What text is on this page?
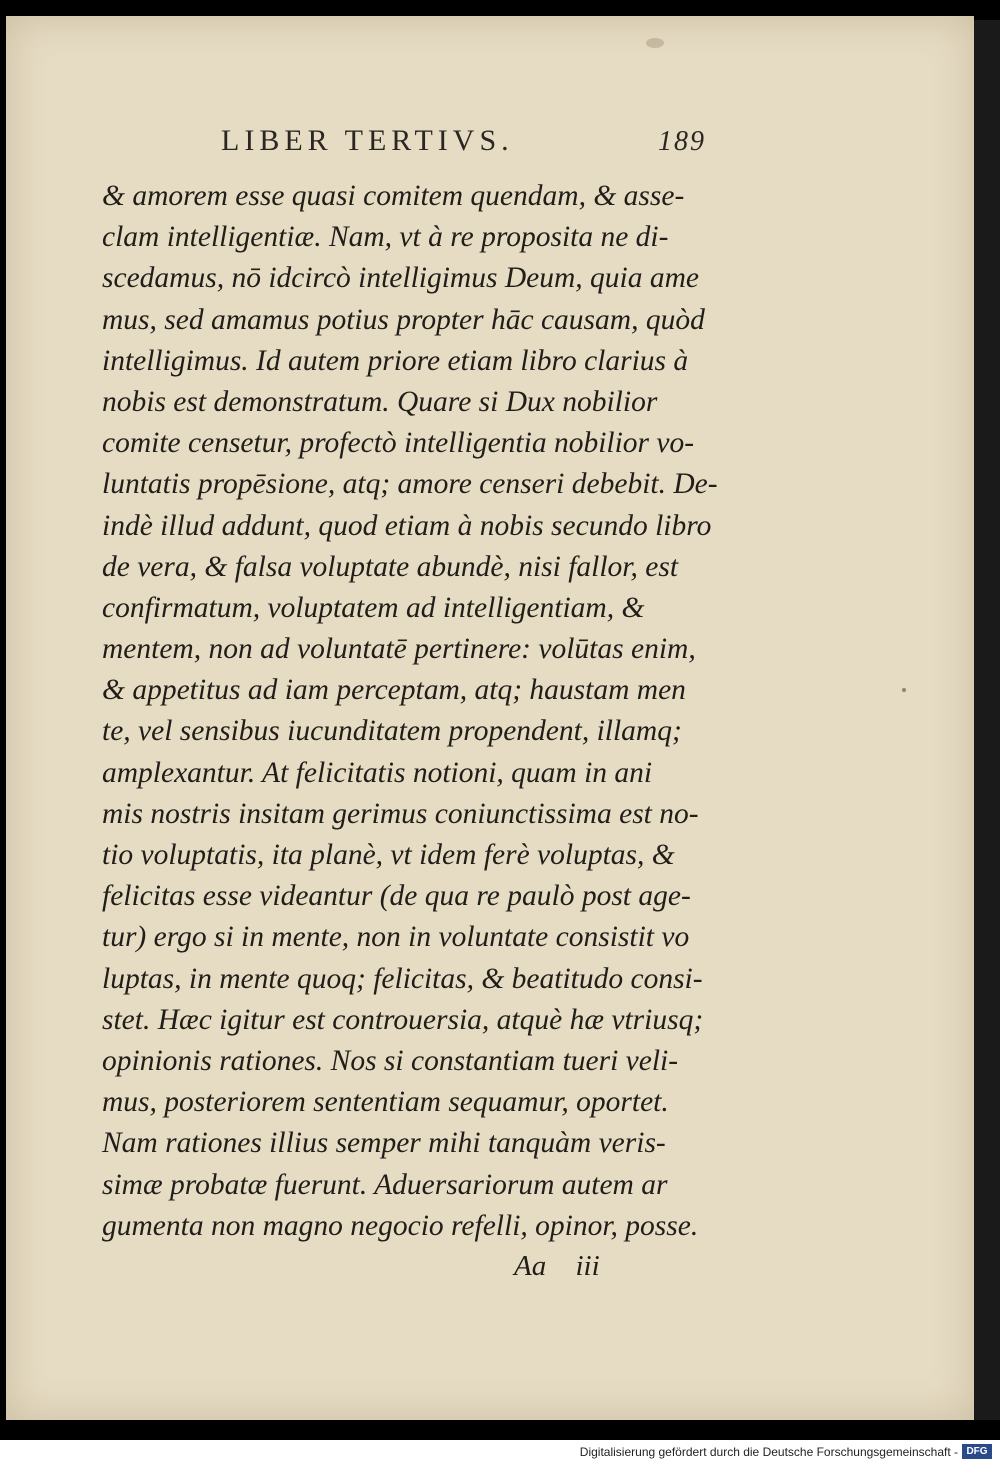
LIBER TERTIVS.	189
& amorem esse quasi comitem quendam, & asse-
clam intelligentiæ. Nam, vt à re proposita ne di-
scedamus, nō idcircò intelligimus Deum, quia ame
mus, sed amamus potius propter hāc causam, quòd
intelligimus. Id autem priore etiam libro clarius à
nobis est demonstratum. Quare si Dux nobilior
comite censetur, profectò intelligentia nobilior vo-
luntatis propēsione, atq; amore censeri debebit. De-
indè illud addunt, quod etiam à nobis secundo libro
de vera, & falsa voluptate abundè, nisi fallor, est
confirmatum, voluptatem ad intelligentiam, &
mentem, non ad voluntatē pertinere: volūtas enim,
& appetitus ad iam perceptam, atq; haustam men
te, vel sensibus iucunditatem propendent, illamq;
amplexantur. At felicitatis notioni, quam in ani
mis nostris insitam gerimus coniunctissima est no-
tio voluptatis, ita planè, vt idem ferè voluptas, &
felicitas esse videantur (de qua re paulò post age-
tur) ergo si in mente, non in voluntate consistit vo
luptas, in mente quoq; felicitas, & beatitudo consi-
stet. Hæc igitur est controuersia, atquè hæ vtriusq;
opinionis rationes. Nos si constantiam tueri veli-
mus, posteriorem sententiam sequamur, oportet.
Nam rationes illius semper mihi tanquàm veris-
simæ probatæ fuerunt. Aduersariorum autem ar
gumenta non magno negocio refelli, opinor, posse.
Aa iii
Digitalisierung gefördert durch die Deutsche Forschungsgemeinschaft - DFG
